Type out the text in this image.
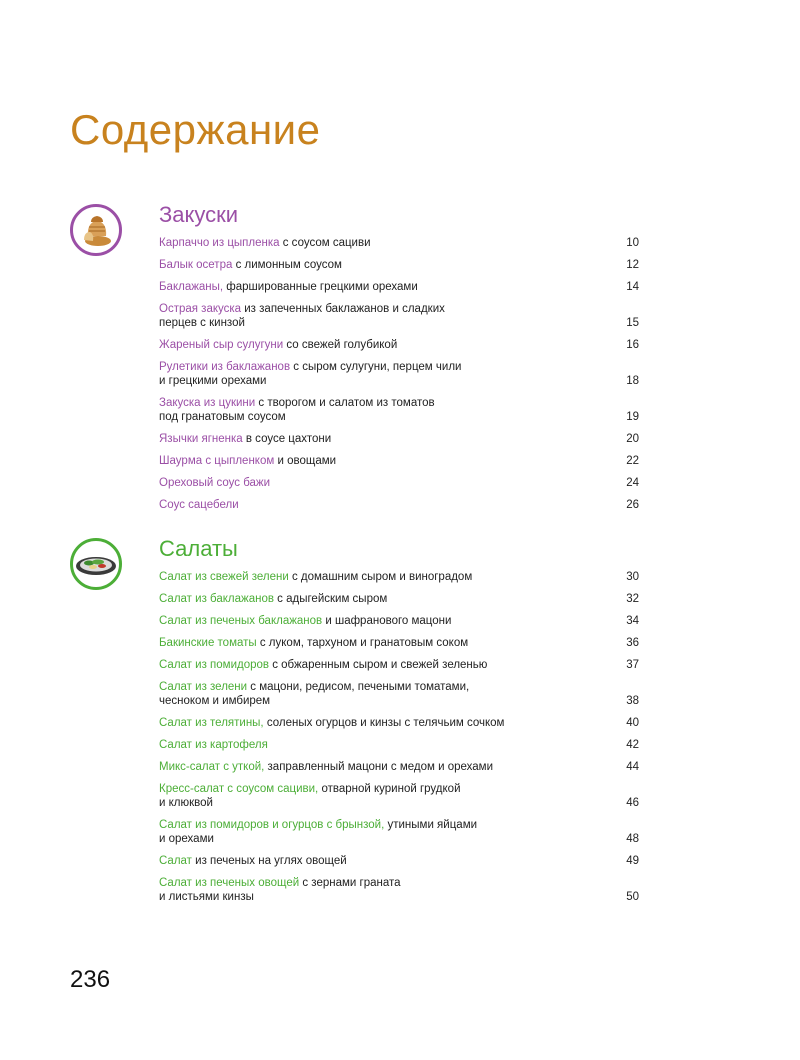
Содержание
Закуски
Карпаччо из цыпленка с соусом сациви	10
Балык осетра с лимонным соусом	12
Баклажаны, фаршированные грецкими орехами	14
Острая закуска из запеченных баклажанов и сладких
перцев с кинзой	15
Жареный сыр сулугуни со свежей голубикой	16
Рулетики из баклажанов с сыром сулугуни, перцем чили
и грецкими орехами	18
Закуска из цукини с творогом и салатом из томатов
под гранатовым соусом	19
Язычки ягненка в соусе цахтони	20
Шаурма с цыпленком и овощами	22
Ореховый соус бажи	24
Соус сацебели	26
Салаты
Салат из свежей зелени с домашним сыром и виноградом	30
Салат из баклажанов с адыгейским сыром	32
Салат из печеных баклажанов и шафранового мацони	34
Бакинские томаты с луком, тархуном и гранатовым соком	36
Салат из помидоров с обжаренным сыром и свежей зеленью	37
Салат из зелени с мацони, редисом, печеными томатами,
чесноком и имбирем	38
Салат из телятины, соленых огурцов и кинзы с телячьим сочком	40
Салат из картофеля	42
Микс-салат с уткой, заправленный мацони с медом и орехами	44
Кресс-салат с соусом сациви, отварной куриной грудкой
и клюквой	46
Салат из помидоров и огурцов с брынзой, утиными яйцами
и орехами	48
Салат из печеных на углях овощей	49
Салат из печеных овощей с зернами граната
и листьями кинзы	50
236
